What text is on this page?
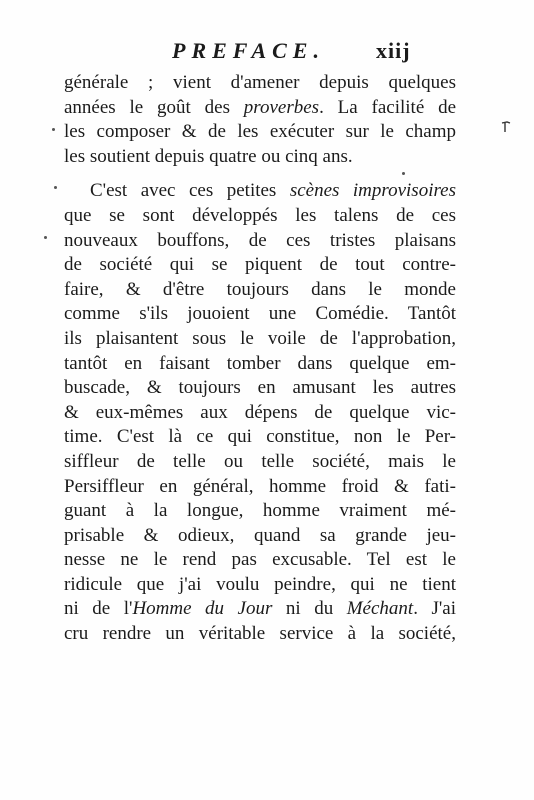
PREFACE. xiij
générale ; vient d'amener depuis quelques
années le goût des proverbes. La facilité de
les composer & de les exécuter sur le champ
les soutient depuis quatre ou cinq ans.
C'est avec ces petites scènes improvisoires
que se sont développés les talens de ces
nouveaux bouffons, de ces tristes plaisans
de société qui se piquent de tout contre-
faire, & d'être toujours dans le monde
comme s'ils jouoient une Comédie. Tantôt
ils plaisantent sous le voile de l'approbation,
tantôt en faisant tomber dans quelque em-
buscade, & toujours en amusant les autres
& eux-mêmes aux dépens de quelque vic-
time. C'est là ce qui constitue, non le Per-
siffleur de telle ou telle société, mais le
Persiffleur en général, homme froid & fati-
guant à la longue, homme vraiment mé-
prisable & odieux, quand sa grande jeu-
nesse ne le rend pas excusable. Tel est le
ridicule que j'ai voulu peindre, qui ne tient
ni de l'Homme du Jour ni du Méchant. J'ai
cru rendre un véritable service à la société,
